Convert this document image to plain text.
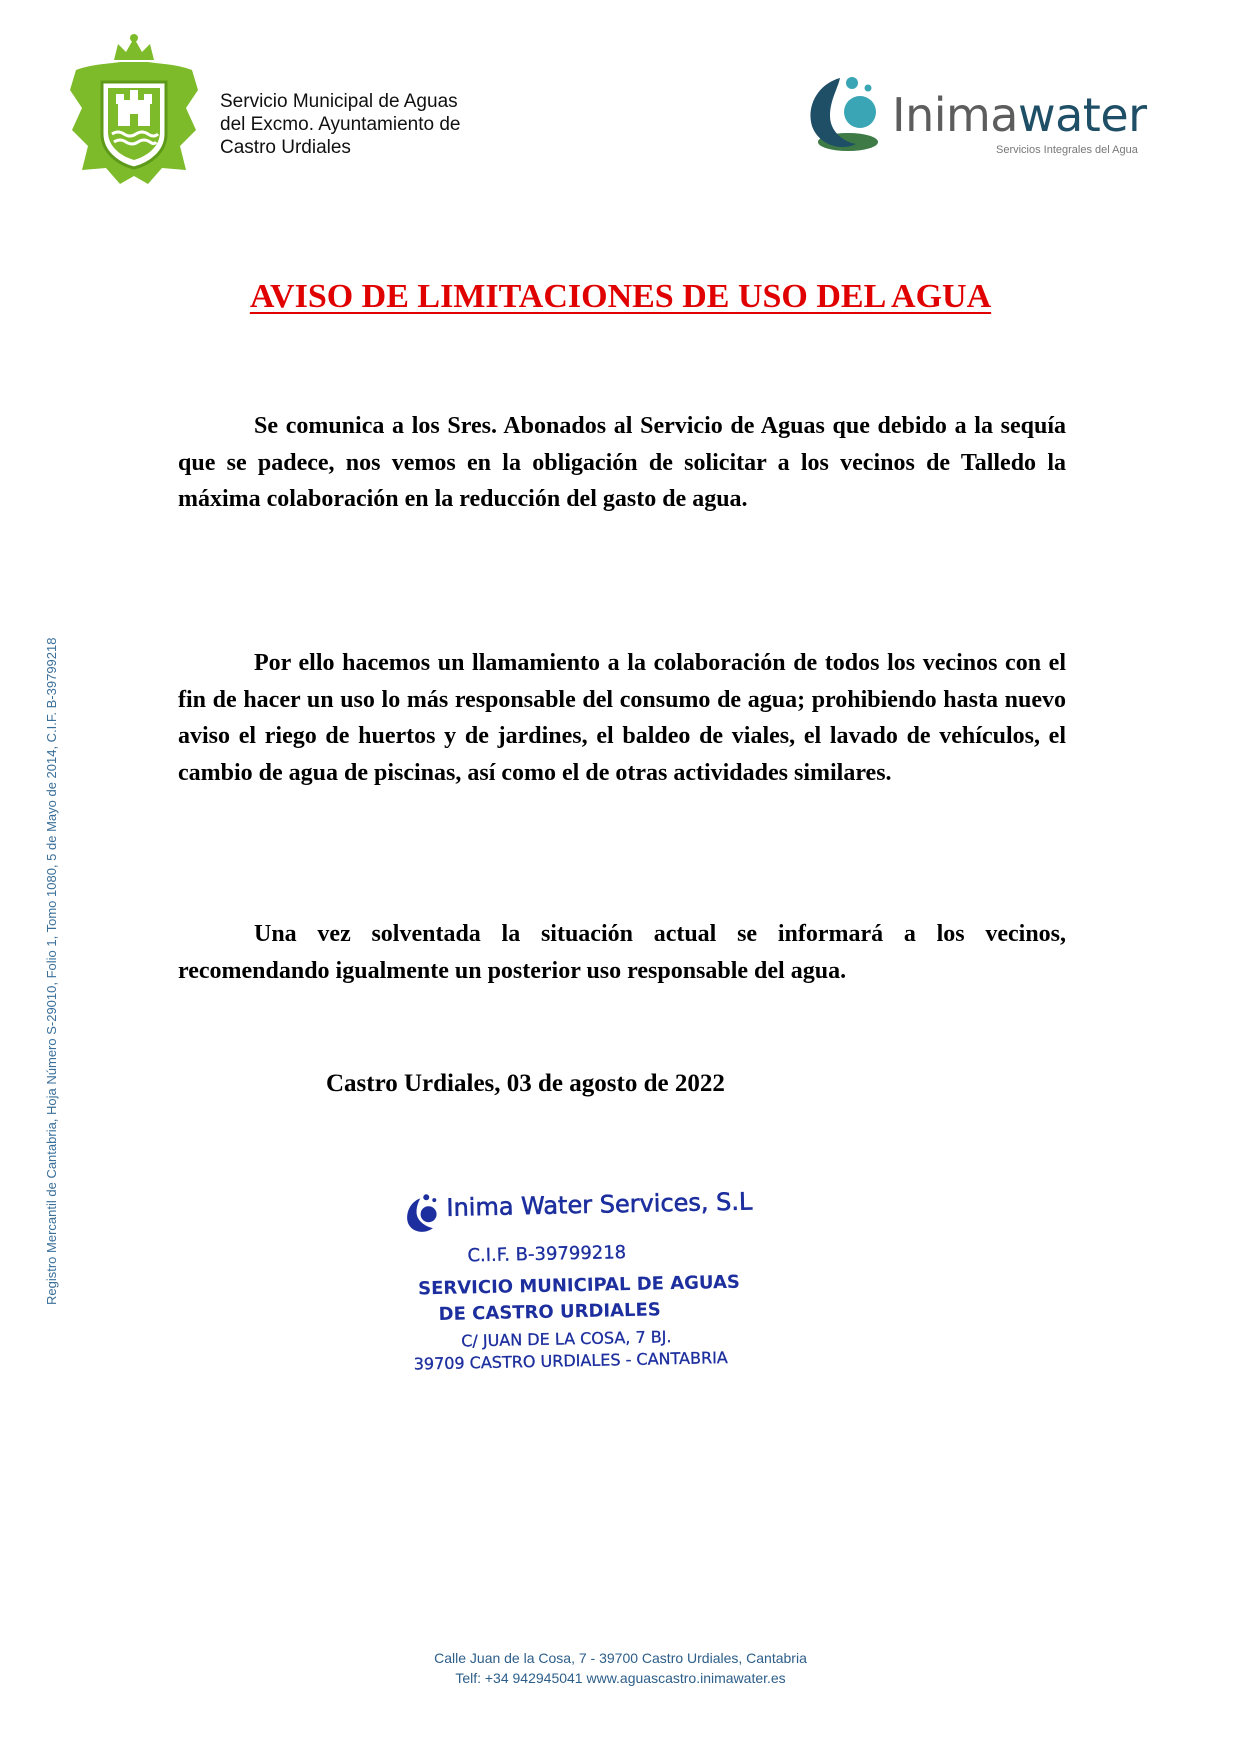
Servicio Municipal de Aguas
del Excmo. Ayuntamiento de
Castro Urdiales
Inimawater
Servicios Integrales del Agua
AVISO DE LIMITACIONES DE USO DEL AGUA
Se comunica a los Sres. Abonados al Servicio de Aguas que debido a la sequía que se padece, nos vemos en la obligación de solicitar a los vecinos de Talledo la máxima colaboración en la reducción del gasto de agua.
Por ello hacemos un llamamiento a la colaboración de todos los vecinos con el fin de hacer un uso lo más responsable del consumo de agua; prohibiendo hasta nuevo aviso el riego de huertos y de jardines, el baldeo de viales, el lavado de vehículos, el cambio de agua de piscinas, así como el de otras actividades similares.
Una vez solventada la situación actual se informará a los vecinos, recomendando igualmente un posterior uso responsable del agua.
Castro Urdiales, 03 de agosto de 2022
Inima Water Services, S.L
C.I.F. B-39799218
SERVICIO MUNICIPAL DE AGUAS
DE CASTRO URDIALES
C/ JUAN DE LA COSA, 7 BJ.
39709 CASTRO URDIALES - CANTABRIA
Registro Mercantil de Cantabria, Hoja Número S-29010, Folio 1, Tomo 1080, 5 de Mayo de 2014, C.I.F. B-39799218
Calle Juan de la Cosa, 7 - 39700 Castro Urdiales, Cantabria
Telf: +34 942945041 www.aguascastro.inimawater.es
